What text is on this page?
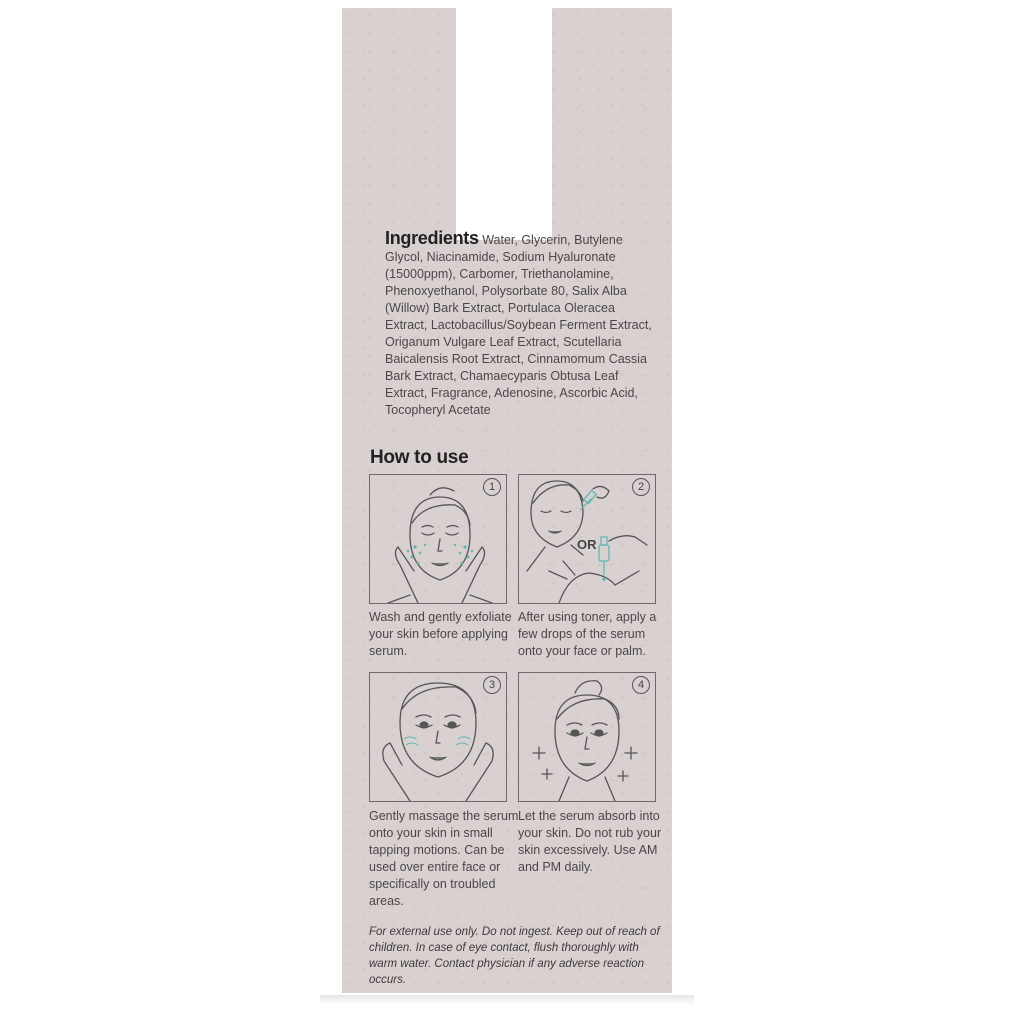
Ingredients Water, Glycerin, Butylene Glycol, Niacinamide, Sodium Hyaluronate (15000ppm), Carbomer, Triethanolamine, Phenoxyethanol, Polysorbate 80, Salix Alba (Willow) Bark Extract, Portulaca Oleracea Extract, Lactobacillus/Soybean Ferment Extract, Origanum Vulgare Leaf Extract, Scutellaria Baicalensis Root Extract, Cinnamomum Cassia Bark Extract, Chamaecyparis Obtusa Leaf Extract, Fragrance, Adenosine, Ascorbic Acid, Tocopheryl Acetate

How to use
1
OR
2
3	4

Wash and gently exfoliate your skin before applying serum.

After using toner, apply a few drops of the serum onto your face or palm.

Gently massage the serum onto your skin in small tapping motions. Can be used over entire face or specifically on troubled areas.

Let the serum absorb into your skin. Do not rub your skin excessively. Use AM and PM daily.

For external use only. Do not ingest. Keep out of reach of children. In case of eye contact, flush thoroughly with warm water. Contact physician if any adverse reaction occurs.
